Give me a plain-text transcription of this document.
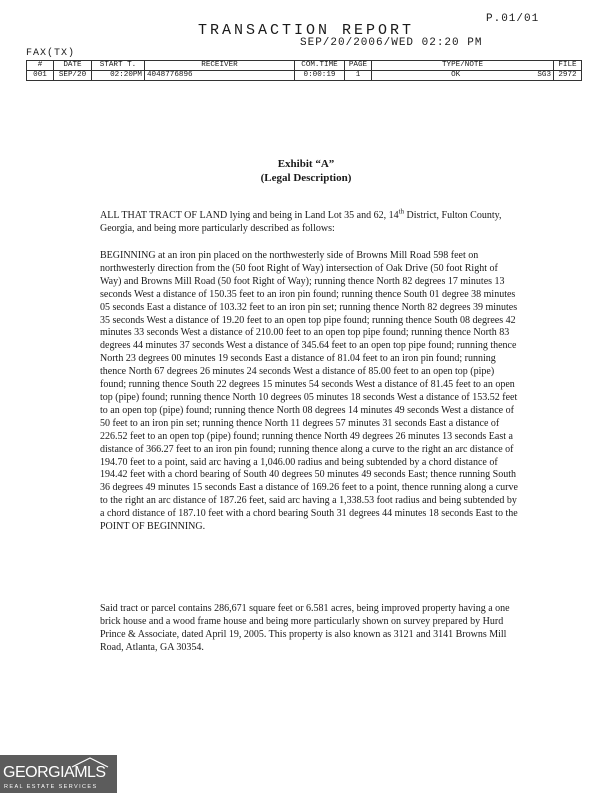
P.01/01
TRANSACTION REPORT
SEP/20/2006/WED 02:20 PM
FAX(TX)
#	DATE	START T.	RECEIVER	COM.TIME	PAGE	TYPE/NOTE	FILE
001	SEP/20	02:20PM	4048776896	0:00:19	1	OK SG3	2972
Exhibit “A”
(Legal Description)

ALL THAT TRACT OF LAND lying and being in Land Lot 35 and 62, 14th District, Fulton County, Georgia, and being more particularly described as follows:

BEGINNING at an iron pin placed on the northwesterly side of Browns Mill Road 598 feet on northwesterly direction from the (50 foot Right of Way) intersection of Oak Drive (50 foot Right of Way) and Browns Mill Road (50 foot Right of Way); running thence North 82 degrees 17 minutes 13 seconds West a distance of 150.35 feet to an iron pin found; running thence South 01 degree 38 minutes 05 seconds East a distance of 103.32 feet to an iron pin set; running thence North 82 degrees 39 minutes 35 seconds West a distance of 19.20 feet to an open top pipe found; running thence South 08 degrees 42 minutes 33 seconds West a distance of 210.00 feet to an open top pipe found; running thence North 83 degrees 44 minutes 37 seconds West a distance of 345.64 feet to an open top pipe found; running thence North 23 degrees 00 minutes 19 seconds East a distance of 81.04 feet to an iron pin found; running thence North 67 degrees 26 minutes 24 seconds West a distance of 85.00 feet to an open top (pipe) found; running thence South 22 degrees 15 minutes 54 seconds West a distance of 81.45 feet to an open top (pipe) found; running thence North 10 degrees 05 minutes 18 seconds West a distance of 153.52 feet to an open top (pipe) found; running thence North 08 degrees 14 minutes 49 seconds West a distance of 50 feet to an iron pin set; running thence North 11 degrees 57 minutes 31 seconds East a distance of 226.52 feet to an open top (pipe) found; running thence North 49 degrees 26 minutes 13 seconds East a distance of 366.27 feet to an iron pin found; running thence along a curve to the right an arc distance of 194.70 feet to a point, said arc having a 1,046.00 radius and being subtended by a chord distance of 194.42 feet with a chord bearing of South 40 degrees 50 minutes 49 seconds East; thence running South 36 degrees 49 minutes 15 seconds East a distance of 169.26 feet to a point, thence running along a curve to the right an arc distance of 187.26 feet, said arc having a 1,338.53 foot radius and being subtended by a chord distance of 187.10 feet with a chord bearing South 31 degrees 44 minutes 18 seconds East to the POINT OF BEGINNING.

Said tract or parcel contains 286,671 square feet or 6.581 acres, being improved property having a one brick house and a wood frame house and being more particularly shown on survey prepared by Hurd Prince & Associate, dated April 19, 2005. This property is also known as 3121 and 3141 Browns Mill Road, Atlanta, GA 30354.

GEORGIAMLS
REAL ESTATE SERVICES
